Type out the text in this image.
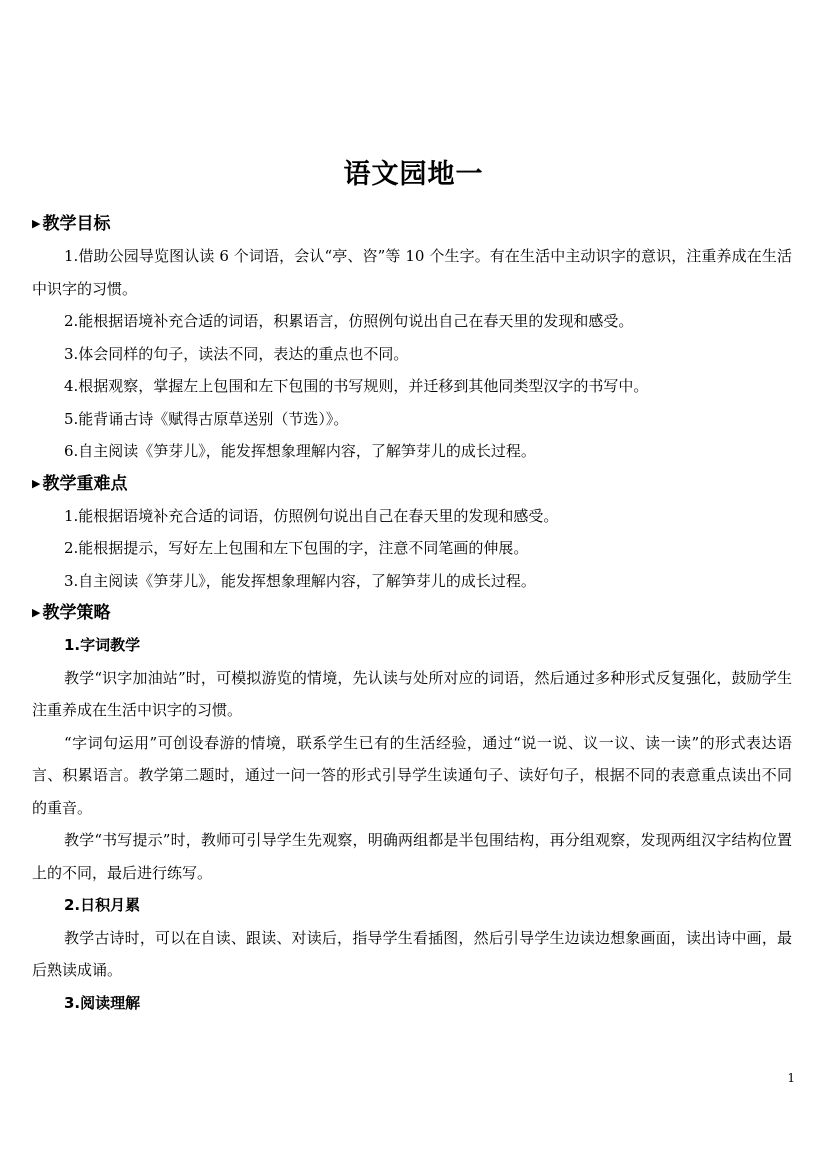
语文园地一
▶ 教学目标

1.借助公园导览图认读 6 个词语，会认“亭、咨”等 10 个生字。有在生活中主动识字的意识，注重养成在生活中识字的习惯。

2.能根据语境补充合适的词语，积累语言，仿照例句说出自己在春天里的发现和感受。

3.体会同样的句子，读法不同，表达的重点也不同。

4.根据观察，掌握左上包围和左下包围的书写规则，并迁移到其他同类型汉字的书写中。

5.能背诵古诗《赋得古原草送别（节选）》。

6.自主阅读《笋芽儿》，能发挥想象理解内容，了解笋芽儿的成长过程。

▶ 教学重难点

1.能根据语境补充合适的词语，仿照例句说出自己在春天里的发现和感受。

2.能根据提示，写好左上包围和左下包围的字，注意不同笔画的伸展。

3.自主阅读《笋芽儿》，能发挥想象理解内容，了解笋芽儿的成长过程。

▶ 教学策略

1.字词教学

教学“识字加油站”时，可模拟游览的情境，先认读与处所对应的词语，然后通过多种形式反复强化，鼓励学生注重养成在生活中识字的习惯。

“字词句运用”可创设春游的情境，联系学生已有的生活经验，通过“说一说、议一议、读一读”的形式表达语言、积累语言。教学第二题时，通过一问一答的形式引导学生读通句子、读好句子，根据不同的表意重点读出不同的重音。

教学“书写提示”时，教师可引导学生先观察，明确两组都是半包围结构，再分组观察，发现两组汉字结构位置上的不同，最后进行练写。

2.日积月累

教学古诗时，可以在自读、跟读、对读后，指导学生看插图，然后引导学生边读边想象画面，读出诗中画，最后熟读成诵。

3.阅读理解

1
